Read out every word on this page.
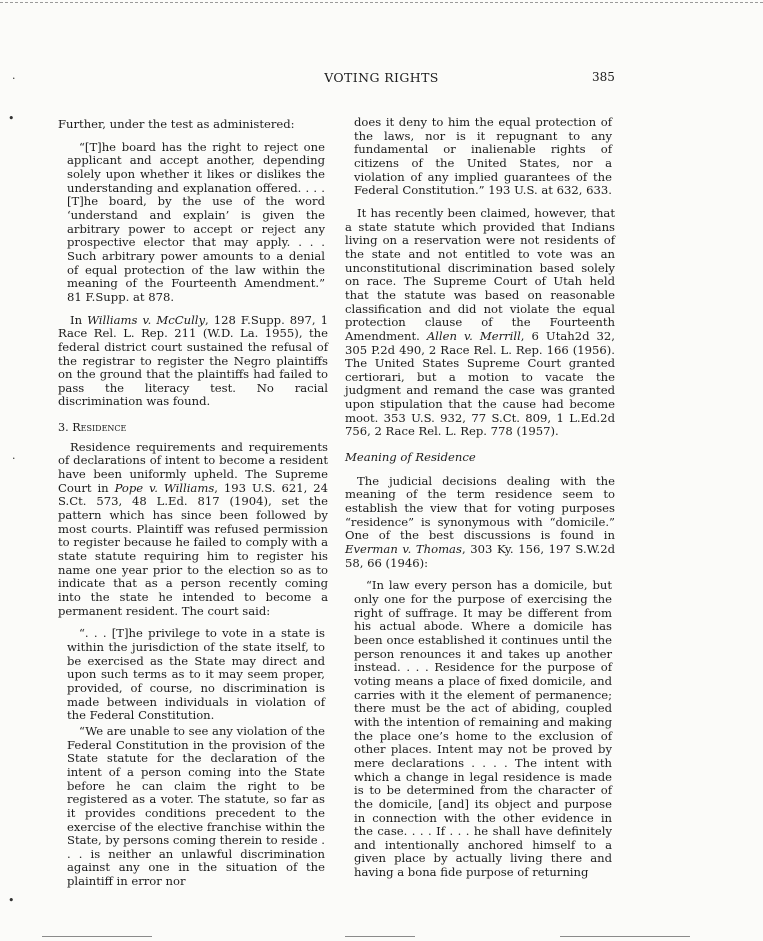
VOTING RIGHTS	385
·
•
·
•

Further, under the test as administered:

“[T]he board has the right to reject one applicant and accept another, depending solely upon whether it likes or dislikes the understanding and explanation offered. . . . [T]he board, by the use of the word ‘understand and explain’ is given the arbitrary power to accept or reject any prospective elector that may apply. . . . Such arbitrary power amounts to a denial of equal protection of the law within the meaning of the Fourteenth Amendment.” 81 F.Supp. at 878.

In Williams v. McCully, 128 F.Supp. 897, 1 Race Rel. L. Rep. 211 (W.D. La. 1955), the federal district court sustained the refusal of the registrar to register the Negro plaintiffs on the ground that the plaintiffs had failed to pass the literacy test. No racial discrimination was found.

3. Residence

Residence requirements and requirements of declarations of intent to become a resident have been uniformly upheld. The Supreme Court in Pope v. Williams, 193 U.S. 621, 24 S.Ct. 573, 48 L.Ed. 817 (1904), set the pattern which has since been followed by most courts. Plaintiff was refused permission to register because he failed to comply with a state statute requiring him to register his name one year prior to the election so as to indicate that as a person recently coming into the state he intended to become a permanent resident. The court said:

“. . . [T]he privilege to vote in a state is within the jurisdiction of the state itself, to be exercised as the State may direct and upon such terms as to it may seem proper, provided, of course, no discrimination is made between individuals in violation of the Federal Constitution.

“We are unable to see any violation of the Federal Constitution in the provision of the State statute for the declaration of the intent of a person coming into the State before he can claim the right to be registered as a voter. The statute, so far as it provides conditions precedent to the exercise of the elective franchise within the State, by persons coming therein to reside . . . is neither an unlawful discrimination against any one in the situation of the plaintiff in error nor

does it deny to him the equal protection of the laws, nor is it repugnant to any fundamental or inalienable rights of citizens of the United States, nor a violation of any implied guarantees of the Federal Constitution.” 193 U.S. at 632, 633.

It has recently been claimed, however, that a state statute which provided that Indians living on a reservation were not residents of the state and not entitled to vote was an unconstitutional discrimination based solely on race. The Supreme Court of Utah held that the statute was based on reasonable classification and did not violate the equal protection clause of the Fourteenth Amendment. Allen v. Merrill, 6 Utah2d 32, 305 P.2d 490, 2 Race Rel. L. Rep. 166 (1956). The United States Supreme Court granted certiorari, but a motion to vacate the judgment and remand the case was granted upon stipulation that the cause had become moot. 353 U.S. 932, 77 S.Ct. 809, 1 L.Ed.2d 756, 2 Race Rel. L. Rep. 778 (1957).

Meaning of Residence

The judicial decisions dealing with the meaning of the term residence seem to establish the view that for voting purposes “residence” is synonymous with “domicile.” One of the best discussions is found in Everman v. Thomas, 303 Ky. 156, 197 S.W.2d 58, 66 (1946):

“In law every person has a domicile, but only one for the purpose of exercising the right of suffrage. It may be different from his actual abode. Where a domicile has been once established it continues until the person renounces it and takes up another instead. . . . Residence for the purpose of voting means a place of fixed domicile, and carries with it the element of permanence; there must be the act of abiding, coupled with the intention of remaining and making the place one’s home to the exclusion of other places. Intent may not be proved by mere declarations . . . . The intent with which a change in legal residence is made is to be determined from the character of the domicile, [and] its object and purpose in connection with the other evidence in the case. . . . If . . . he shall have definitely and intentionally anchored himself to a given place by actually living there and having a bona fide purpose of returning
